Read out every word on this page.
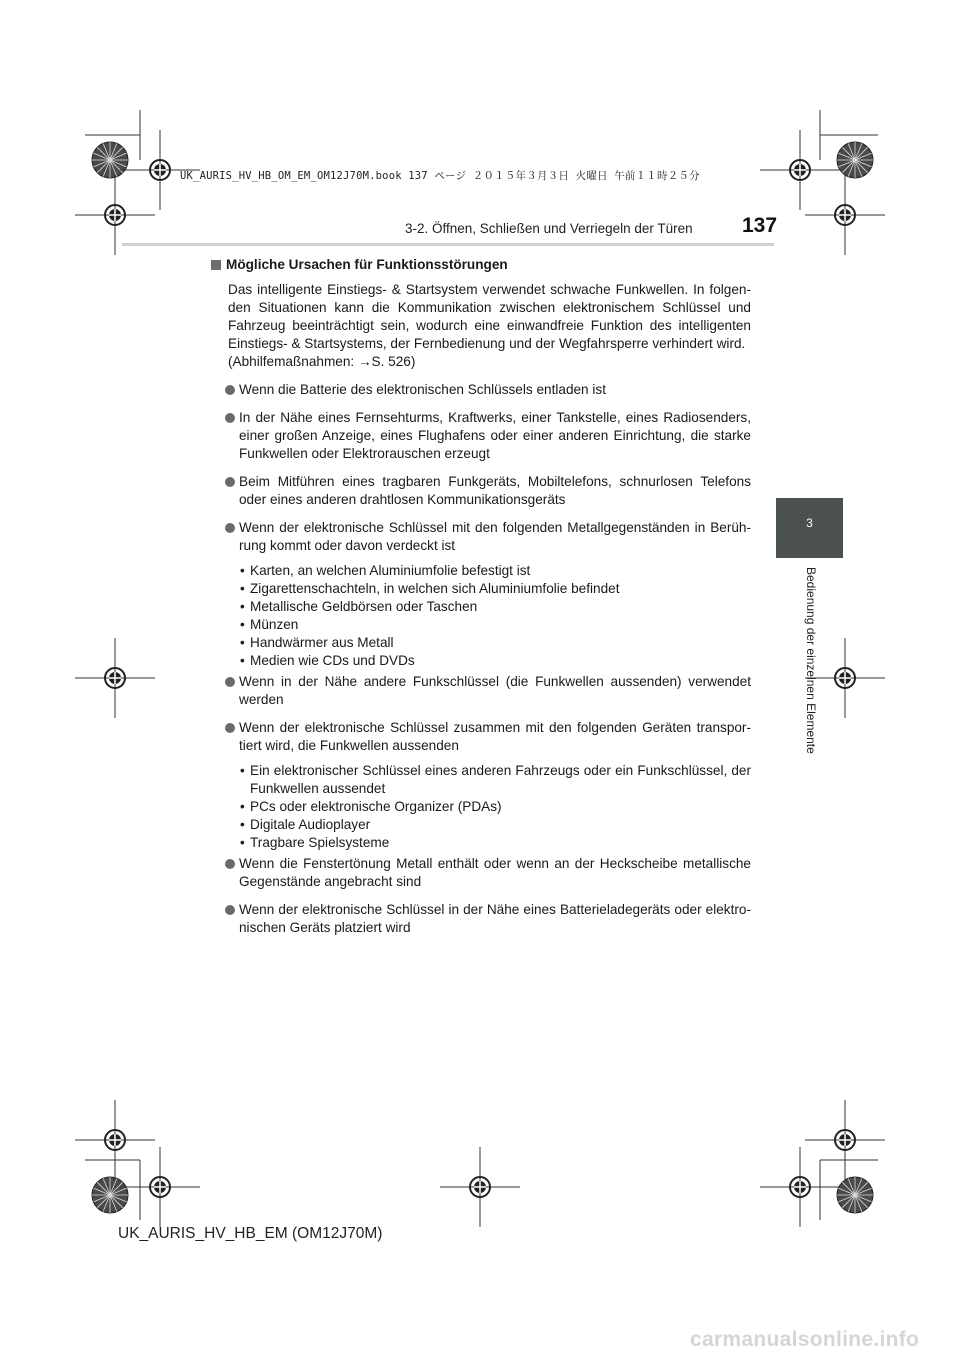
UK_AURIS_HV_HB_OM_EM_OM12J70M.book 137 ページ ２０１５年３月３日 火曜日 午前１１時２５分
3-2. Öffnen, Schließen und Verriegeln der Türen 137
3
Bedienung der einzelnen Elemente
Mögliche Ursachen für Funktionsstörungen
Das intelligente Einstiegs- & Startsystem verwendet schwache Funkwellen. In folgen-den Situationen kann die Kommunikation zwischen elektronischem Schlüssel und Fahrzeug beeinträchtigt sein, wodurch eine einwandfreie Funktion des intelligenten Einstiegs- & Startsystems, der Fernbedienung und der Wegfahrsperre verhindert wird.
(Abhilfemaßnahmen: →S. 526)
Wenn die Batterie des elektronischen Schlüssels entladen ist
In der Nähe eines Fernsehturms, Kraftwerks, einer Tankstelle, eines Radiosenders, einer großen Anzeige, eines Flughafens oder einer anderen Einrichtung, die starke Funkwellen oder Elektrorauschen erzeugt
Beim Mitführen eines tragbaren Funkgeräts, Mobiltelefons, schnurlosen Telefons oder eines anderen drahtlosen Kommunikationsgeräts
Wenn der elektronische Schlüssel mit den folgenden Metallgegenständen in Berüh-rung kommt oder davon verdeckt ist
• Karten, an welchen Aluminiumfolie befestigt ist
• Zigarettenschachteln, in welchen sich Aluminiumfolie befindet
• Metallische Geldbörsen oder Taschen
• Münzen
• Handwärmer aus Metall
• Medien wie CDs und DVDs
Wenn in der Nähe andere Funkschlüssel (die Funkwellen aussenden) verwendet werden
Wenn der elektronische Schlüssel zusammen mit den folgenden Geräten transpor-tiert wird, die Funkwellen aussenden
• Ein elektronischer Schlüssel eines anderen Fahrzeugs oder ein Funkschlüssel, der Funkwellen aussendet
• PCs oder elektronische Organizer (PDAs)
• Digitale Audioplayer
• Tragbare Spielsysteme
Wenn die Fenstertönung Metall enthält oder wenn an der Heckscheibe metallische Gegenstände angebracht sind
Wenn der elektronische Schlüssel in der Nähe eines Batterieladegeräts oder elektro-nischen Geräts platziert wird
UK_AURIS_HV_HB_EM (OM12J70M)
carmanualsonline.info
